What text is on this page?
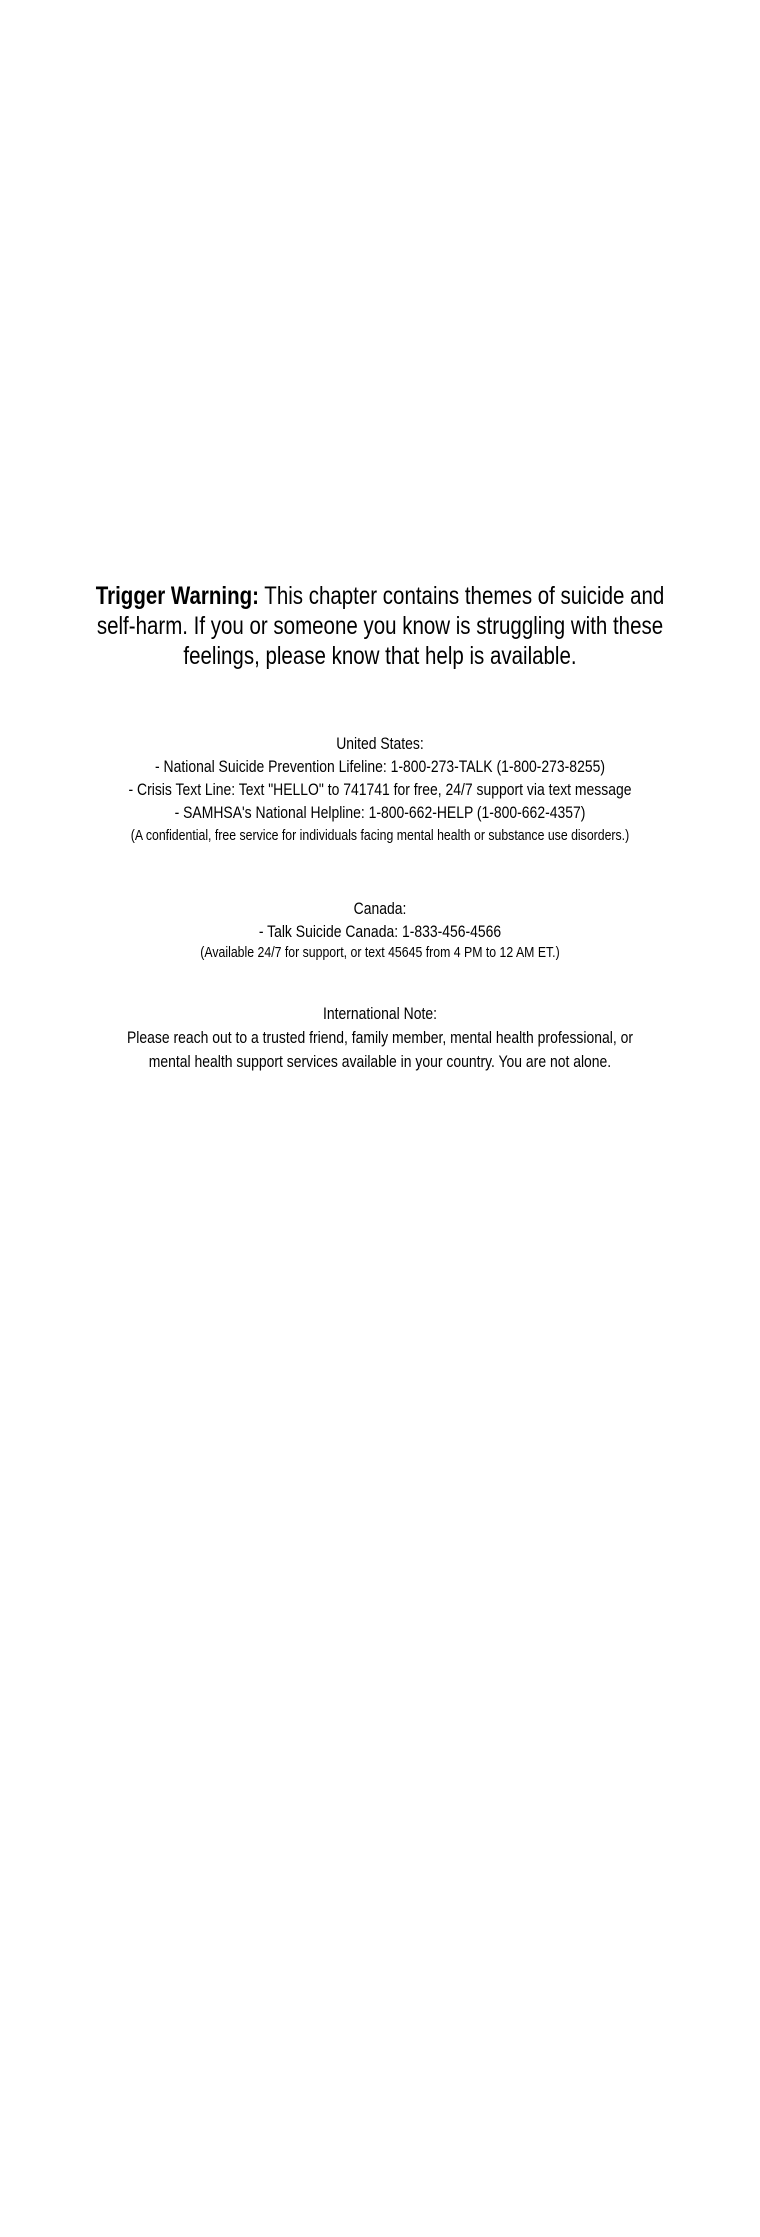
Trigger Warning: This chapter contains themes of suicide and
self-harm. If you or someone you know is struggling with these
feelings, please know that help is available.
United States:
- National Suicide Prevention Lifeline: 1-800-273-TALK (1-800-273-8255)
- Crisis Text Line: Text "HELLO" to 741741 for free, 24/7 support via text message
- SAMHSA's National Helpline: 1-800-662-HELP (1-800-662-4357)
(A confidential, free service for individuals facing mental health or substance use disorders.)
Canada:
- Talk Suicide Canada: 1-833-456-4566
(Available 24/7 for support, or text 45645 from 4 PM to 12 AM ET.)
International Note:
Please reach out to a trusted friend, family member, mental health professional, or
mental health support services available in your country. You are not alone.
